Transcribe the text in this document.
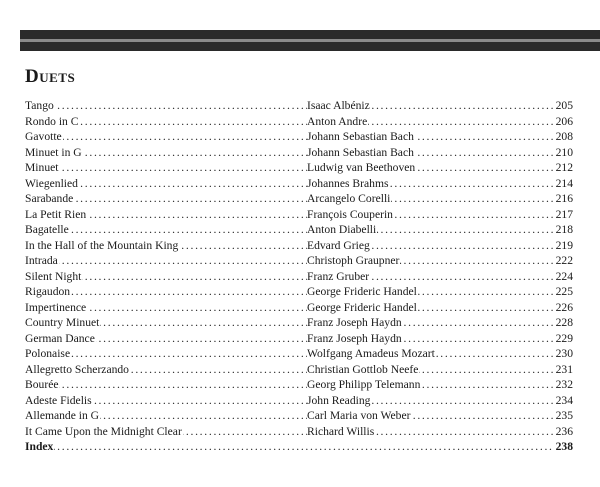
Duets
. . .
. . .
Tango	Isaac Albéniz	205
. . .
. . .
Rondo in C	Anton Andre	206
. . .
. . .
Gavotte	Johann Sebastian Bach	208
. . .
. . .
Minuet in G	Johann Sebastian Bach	210
. . .
. . .
Minuet	Ludwig van Beethoven	212
. . .
. . .
Wiegenlied	Johannes Brahms	214
. . .
. . .
Sarabande	Arcangelo Corelli	216
. . .
. . .
La Petit Rien	François Couperin	217
. . .
. . .
Bagatelle	Anton Diabelli	218
. . .
. . .
In the Hall of the Mountain King	Edvard Grieg	219
. . .
. . .
Intrada	Christoph Graupner	222
. . .
. . .
Silent Night	Franz Gruber	224
. . .
. . .
Rigaudon	George Frideric Handel	225
. . .
. . .
Impertinence	George Frideric Handel	226
. . .
. . .
Country Minuet	Franz Joseph Haydn	228
. . .
. . .
German Dance	Franz Joseph Haydn	229
. . .
. . .
Polonaise	Wolfgang Amadeus Mozart	230
. . .
. . .
Allegretto Scherzando	Christian Gottlob Neefe	231
. . .
. . .
Bourée	Georg Philipp Telemann	232
. . .
. . .
Adeste Fidelis	John Reading	234
. . .
. . .
Allemande in G	Carl Maria von Weber	235
. . .
. . .
It Came Upon the Midnight Clear	Richard Willis	236
. . .
Index	238
